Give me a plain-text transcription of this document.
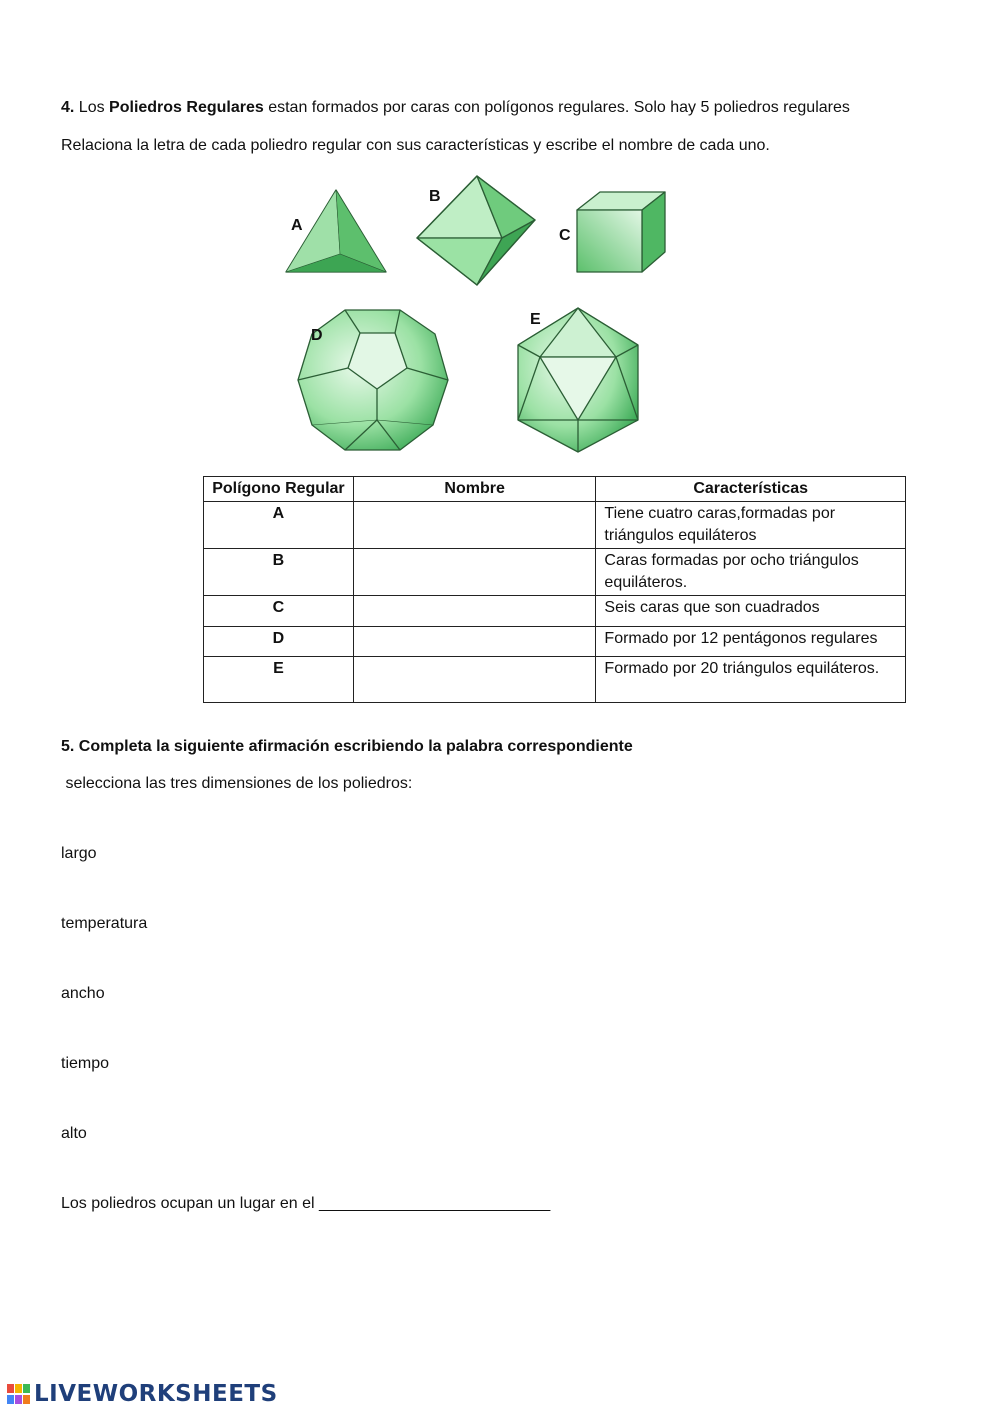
4. Los Poliedros Regulares estan formados por caras con polígonos regulares. Solo hay 5 poliedros regulares
Relaciona la letra de cada poliedro regular con sus características y escribe el nombre de cada uno.
A
B
C
D
E
Polígono Regular	Nombre	Características
A		Tiene cuatro caras,formadas por triángulos equiláteros
B		Caras formadas por ocho triángulos equiláteros.
C		Seis caras que son cuadrados
D		Formado por 12 pentágonos regulares
E		Formado por 20 triángulos equiláteros.
5. Completa la siguiente afirmación escribiendo la palabra correspondiente
selecciona las tres dimensiones de los poliedros:
largo
temperatura
ancho
tiempo
alto
Los poliedros ocupan un lugar en el __________________________
LIVEWORKSHEETS
